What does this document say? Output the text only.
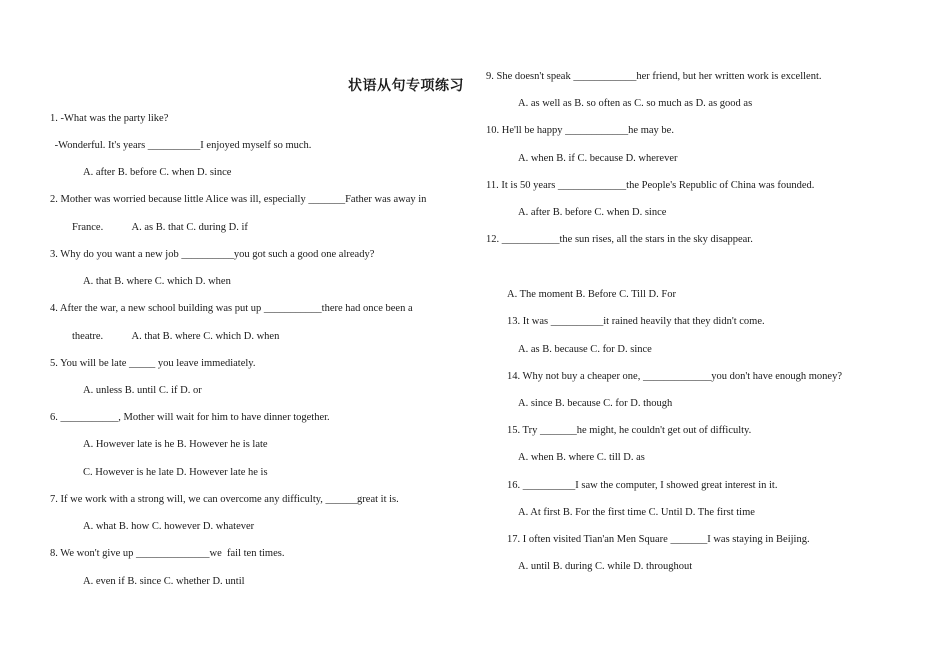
状语从句专项练习
1. -What was the party like?
-Wonderful. It's years __________I enjoyed myself so much.
A. after B. before C. when D. since
2. Mother was worried because little Alice was ill, especially _______Father was away in
France.           A. as B. that C. during D. if
3. Why do you want a new job __________you got such a good one already?
A. that B. where C. which D. when
4. After the war, a new school building was put up ___________there had once been a
theatre.           A. that B. where C. which D. when
5. You will be late _____ you leave immediately.
A. unless B. until C. if D. or
6. ___________, Mother will wait for him to have dinner together.
A. However late is he B. However he is late
C. However is he late D. However late he is
7. If we work with a strong will, we can overcome any difficulty, ______great it is.
A. what B. how C. however D. whatever
8. We won't give up ______________we  fail ten times.
A. even if B. since C. whether D. until
9. She doesn't speak ____________her friend, but her written work is excellent.
A. as well as B. so often as C. so much as D. as good as
10. He'll be happy ____________he may be.
A. when B. if C. because D. wherever
11. It is 50 years _____________the People's Republic of China was founded.
A. after B. before C. when D. since
12. ___________the sun rises, all the stars in the sky disappear.
A. The moment B. Before C. Till D. For
13. It was __________it rained heavily that they didn't come.
A. as B. because C. for D. since
14. Why not buy a cheaper one, _____________you don't have enough money?
A. since B. because C. for D. though
15. Try _______he might, he couldn't get out of difficulty.
A. when B. where C. till D. as
16. __________I saw the computer, I showed great interest in it.
A. At first B. For the first time C. Until D. The first time
17. I often visited Tian'an Men Square _______I was staying in Beijing.
A. until B. during C. while D. throughout
